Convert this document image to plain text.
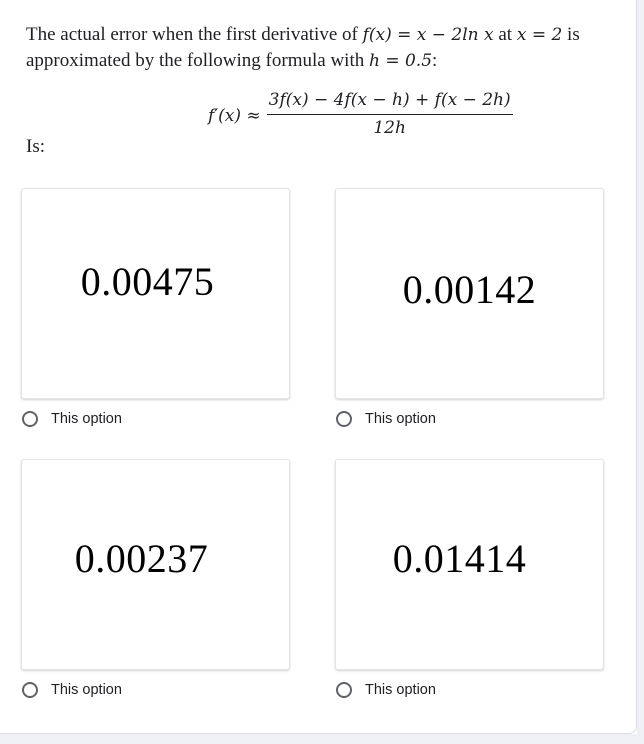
The actual error when the first derivative of f(x) = x − 2ln x at x = 2 is approximated by the following formula with h = 0.5:
$f'(x) \approx \frac{3f(x) - 4f(x - h) + f(x - 2h)}{12h}$
Is:
0.00475
This option
0.00142
This option
0.00237
This option
0.01414
This option
